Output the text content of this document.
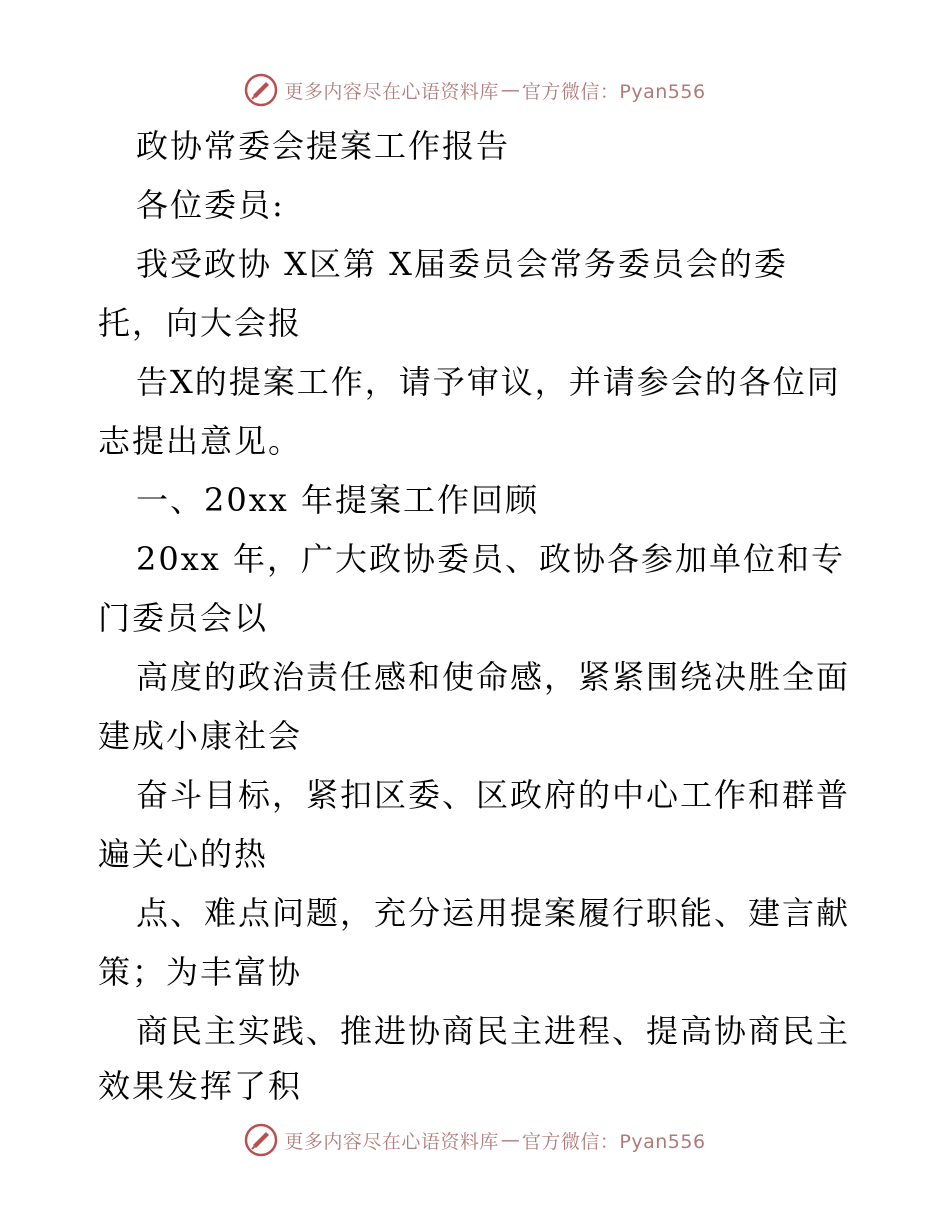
更多内容尽在心语资料库 — 官方微信：Pyan556
政协常委会提案工作报告
各位委员:
我受政协 X区第 X届委员会常务委员会的委
托，向大会报
告X的提案工作，请予审议，并请参会的各位同
志提出意见。
一、20xx 年提案工作回顾
20xx 年，广大政协委员、政协各参加单位和专
门委员会以
高度的政治责任感和使命感，紧紧围绕决胜全面
建成小康社会
奋斗目标，紧扣区委、区政府的中心工作和群普
遍关心的热
点、难点问题，充分运用提案履行职能、建言献
策；为丰富协
商民主实践、推进协商民主进程、提高协商民主
效果发挥了积
更多内容尽在心语资料库 — 官方微信：Pyan556
